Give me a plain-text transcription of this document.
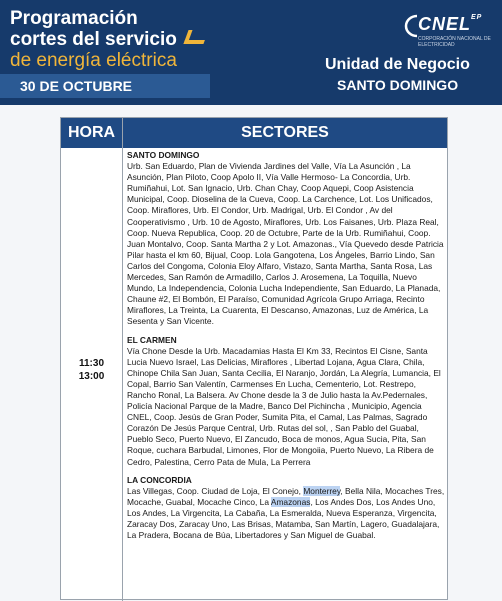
Programación
cortes del servicio
de energía eléctrica
30 DE OCTUBRE
$CNEL^{EP}$
CORPORACIÓN NACIONAL DE ELECTRICIDAD
Unidad de Negocio
SANTO DOMINGO
HORA	SECTORES
11:30
13:00
SANTO DOMINGO
Urb. San Eduardo, Plan de Vivienda Jardines del Valle, Vía La Asunción , La Asunción, Plan Piloto, Coop Apolo II, Vía Valle Hermoso- La Concordia, Urb. Rumiñahui, Lot. San Ignacio, Urb. Chan Chay, Coop Aquepi, Coop Asistencia Municipal, Coop. Dioselina de la Cueva, Coop. La Carchence, Lot. Los Unificados, Coop. Miraflores, Urb. El Condor, Urb. Madrigal, Urb. El Condor , Av del Cooperativismo , Urb. 10 de Agosto, Miraflores, Urb. Los Faisanes, Urb. Plaza Real, Coop. Nueva Republica, Coop. 20 de Octubre, Parte de la Urb. Rumiñahui, Coop. Juan Montalvo, Coop. Santa Martha 2 y Lot. Amazonas., Vía Quevedo desde Patricia Pilar hasta el km 60, Bijual, Coop. Lola Gangotena, Los Ángeles, Barrio Lindo, San Carlos del Congoma, Colonia Eloy Alfaro, Vistazo, Santa Martha, Santa Rosa, Las Mercedes, San Ramón de Armadillo, Carlos J. Arosemena, La Toquilla, Nuevo Mundo, La Independencia, Colonia Lucha Independiente, San Eduardo, La Planada, Chaune #2, El Bombón, El Paraíso, Comunidad Agrícola Grupo Arriaga, Recinto Miraflores, La Treinta, La Cuarenta, El Descanso, Amazonas, Luz de América, La Sesenta y San Vicente.
EL CARMEN
Vía Chone Desde la Urb. Macadamias Hasta El Km 33, Recintos El Cisne, Santa Lucia Nuevo Israel, Las Delicias, Miraflores , Libertad Lojana, Agua Clara, Chila, Chinope Chila San Juan, Santa Cecilia, El Naranjo, Jordán, La Alegría, Lumancia, El Copal, Barrio San Valentín, Carmenses En Lucha, Cementerio, Lot. Restrepo, Rancho Ronal, La Balsera. Av Chone desde la 3 de Julio hasta la Av.Pedernales, Policía Nacional Parque de la Madre, Banco Del Pichincha , Municipio, Agencia CNEL, Coop. Jesús de Gran Poder, Sumita Pita, el Camal, Las Palmas, Sagrado Corazón De Jesús Parque Central, Urb. Rutas del sol, , San Pablo del Guabal, Pueblo Seco, Puerto Nuevo, El Zancudo, Boca de monos, Agua Sucia, Pita, San Roque, cuchara Barbudal, Limones, Flor de Mongoiia, Puerto Nuevo, La Ribera de Cedro, Palestina, Cerro Pata de Mula, La Perrera
LA CONCORDIA
Las Villegas, Coop. Ciudad de Loja, El Conejo, Monterrey, Bella Nila, Mocaches Tres, Mocache, Guabal, Mocache Cinco, La Amazonas, Los Andes Dos, Los Andes Uno, Los Andes, La Virgencita, La Cabaña, La Esmeralda, Nueva Esperanza, Virgencita, Zaracay Dos, Zaracay Uno, Las Brisas, Matamba, San Martín, Lagero, Guadalajara, La Pradera, Bocana de Búa, Libertadores y San Miguel de Guabal.
